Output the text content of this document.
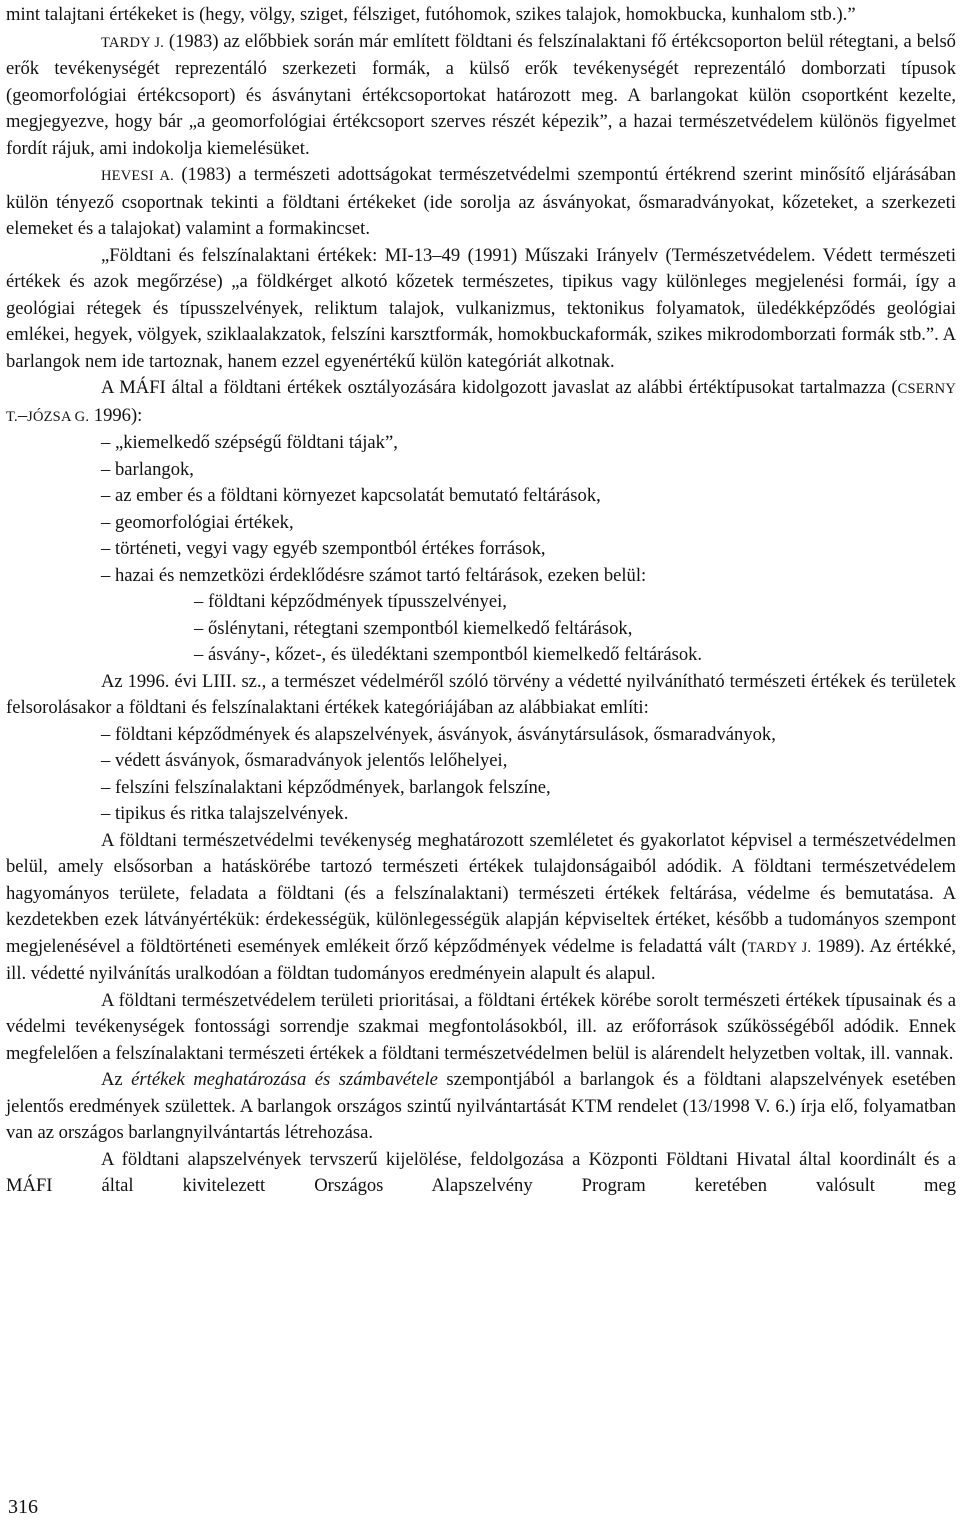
mint talajtani értékeket is (hegy, völgy, sziget, félsziget, futóhomok, szikes talajok, homokbucka, kunhalom stb.).”

TARDY J. (1983) az előbbiek során már említett földtani és felszínalaktani fő értékcsoporton belül rétegtani, a belső erők tevékenységét reprezentáló szerkezeti formák, a külső erők tevékenységét reprezentáló domborzati típusok (geomorfológiai értékcsoport) és ásványtani értékcsoportokat határozott meg. A barlangokat külön csoportként kezelte, megjegyezve, hogy bár „a geomorfológiai értékcsoport szerves részét képezik”, a hazai természetvédelem különös figyelmet fordít rájuk, ami indokolja kiemelésüket.

HEVESI A. (1983) a természeti adottságokat természetvédelmi szempontú értékrend szerint minősítő eljárásában külön tényező csoportnak tekinti a földtani értékeket (ide sorolja az ásványokat, ősmaradványokat, kőzeteket, a szerkezeti elemeket és a talajokat) valamint a formakincset.

„Földtani és felszínalaktani értékek: MI-13–49 (1991) Műszaki Irányelv (Természetvédelem. Védett természeti értékek és azok megőrzése) „a földkérget alkotó kőzetek természetes, tipikus vagy különleges megjelenési formái, így a geológiai rétegek és típusszelvények, reliktum talajok, vulkanizmus, tektonikus folyamatok, üledékképződés geológiai emlékei, hegyek, völgyek, sziklaalakzatok, felszíni karsztformák, homokbuckaformák, szikes mikrodomborzati formák stb.”. A barlangok nem ide tartoznak, hanem ezzel egyenértékű külön kategóriát alkotnak.

A MÁFI által a földtani értékek osztályozására kidolgozott javaslat az alábbi értéktípusokat tartalmazza (CSERNY T.–JÓZSA G. 1996):

– „kiemelkedő szépségű földtani tájak”,
– barlangok,
– az ember és a földtani környezet kapcsolatát bemutató feltárások,
– geomorfológiai értékek,
– történeti, vegyi vagy egyéb szempontból értékes források,
– hazai és nemzetközi érdeklődésre számot tartó feltárások, ezeken belül:
– földtani képződmények típusszelvényei,
– őslénytani, rétegtani szempontból kiemelkedő feltárások,
– ásvány-, kőzet-, és üledéktani szempontból kiemelkedő feltárások.

Az 1996. évi LIII. sz., a természet védelméről szóló törvény a védetté nyilvánítható természeti értékek és területek felsorolásakor a földtani és felszínalaktani értékek kategóriájában az alábbiakat említi:

– földtani képződmények és alapszelvények, ásványok, ásványtársulások, ősmaradványok,
– védett ásványok, ősmaradványok jelentős lelőhelyei,
– felszíni felszínalaktani képződmények, barlangok felszíne,
– tipikus és ritka talajszelvények.

A földtani természetvédelmi tevékenység meghatározott szemléletet és gyakorlatot képvisel a természetvédelmen belül, amely elsősorban a hatáskörébe tartozó természeti értékek tulajdonságaiból adódik. A földtani természetvédelem hagyományos területe, feladata a földtani (és a felszínalaktani) természeti értékek feltárása, védelme és bemutatása. A kezdetekben ezek látványértékük: érdekességük, különlegességük alapján képviseltek értéket, később a tudományos szempont megjelenésével a földtörténeti események emlékeit őrző képződmények védelme is feladattá vált (TARDY J. 1989). Az értékké, ill. védetté nyilvánítás uralkodóan a földtan tudományos eredményein alapult és alapul.

A földtani természetvédelem területi prioritásai, a földtani értékek körébe sorolt természeti értékek típusainak és a védelmi tevékenységek fontossági sorrendje szakmai megfontolásokból, ill. az erőforrások szűkösségéből adódik. Ennek megfelelően a felszínalaktani természeti értékek a földtani természetvédelmen belül is alárendelt helyzetben voltak, ill. vannak.

Az értékek meghatározása és számbavétele szempontjából a barlangok és a földtani alapszelvények esetében jelentős eredmények születtek. A barlangok országos szintű nyilvántartását KTM rendelet (13/1998 V. 6.) írja elő, folyamatban van az országos barlangnyilvántartás létrehozása.

A földtani alapszelvények tervszerű kijelölése, feldolgozása a Központi Földtani Hivatal által koordinált és a MÁFI által kivitelezett Országos Alapszelvény Program keretében valósult meg

316
